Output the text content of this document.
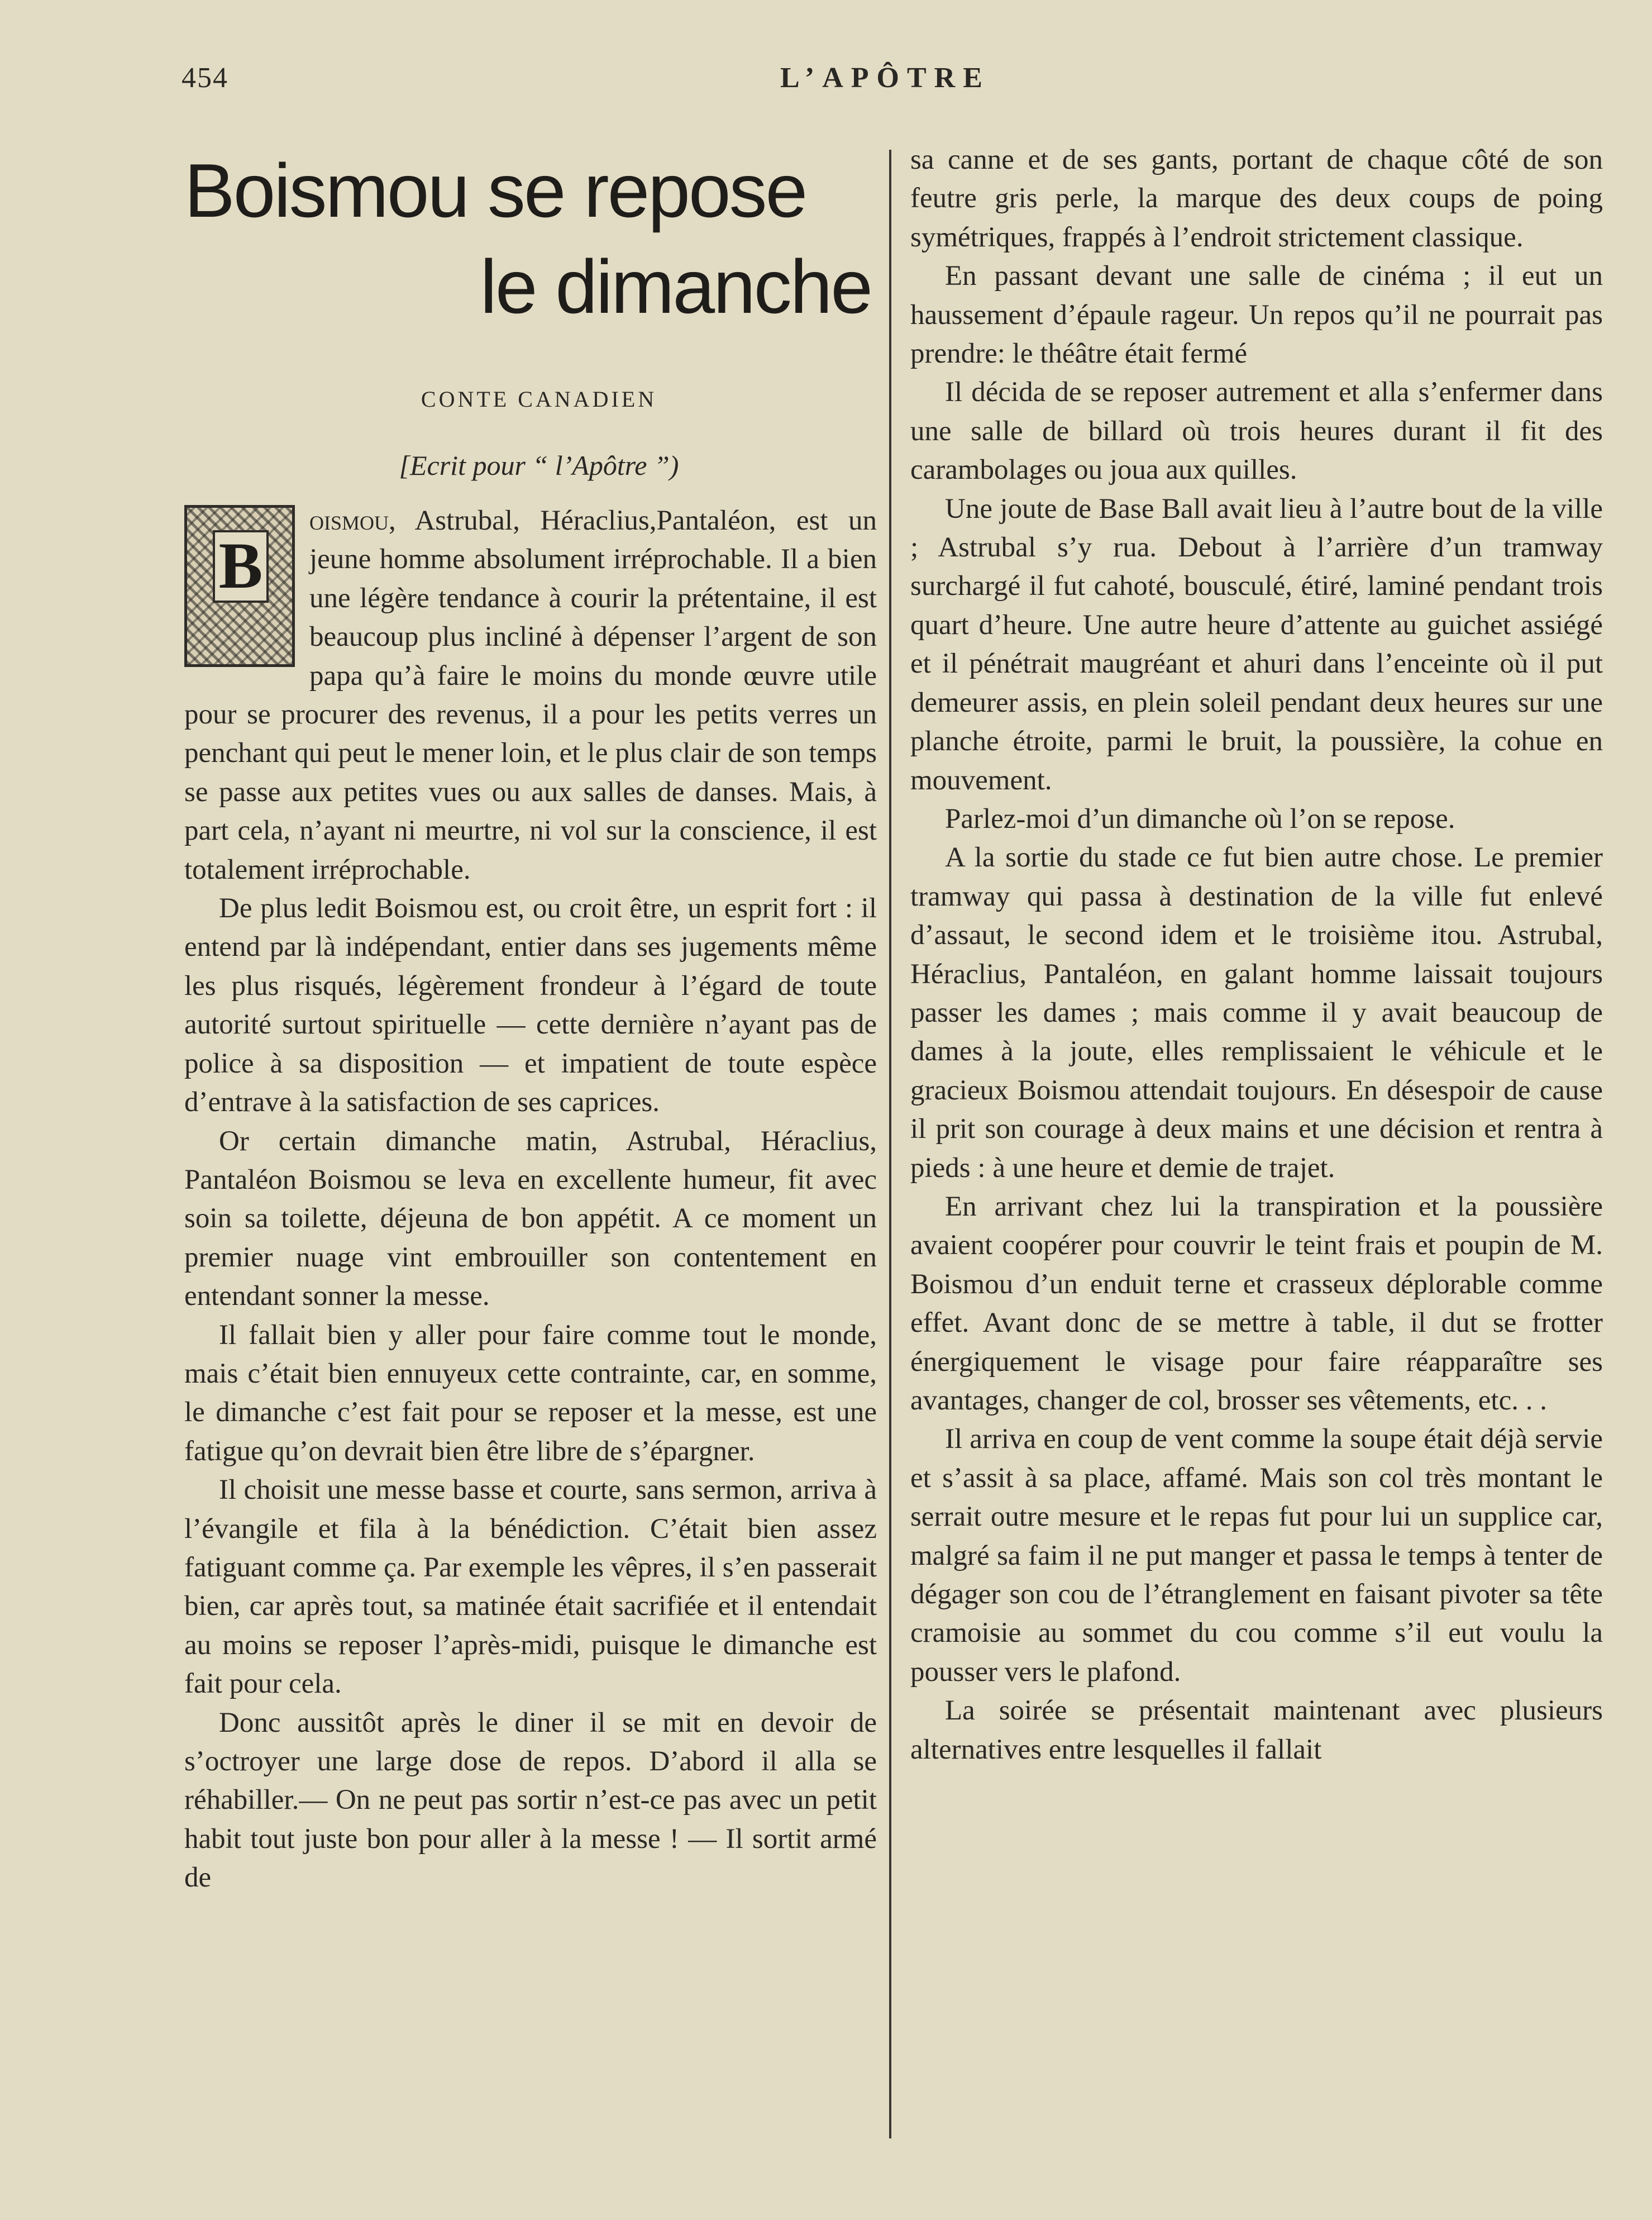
454	L’APÔTRE
Boismou se repose
le dimanche
CONTE CANADIEN
[Ecrit pour “ l’Apôtre ”)

B
oismou, Astrubal, Héraclius,Pantaléon, est un jeune homme absolument irréprochable. Il a bien une légère tendance à courir la prétentaine, il est beaucoup plus incliné à dépenser l’argent de son papa qu’à faire le moins du monde œuvre utile pour se procurer des revenus, il a pour les petits verres un penchant qui peut le mener loin, et le plus clair de son temps se passe aux petites vues ou aux salles de danses. Mais, à part cela, n’ayant ni meurtre, ni vol sur la conscience, il est totalement irréprochable.

De plus ledit Boismou est, ou croit être, un esprit fort : il entend par là indépendant, entier dans ses jugements même les plus risqués, légèrement frondeur à l’égard de toute autorité surtout spirituelle — cette dernière n’ayant pas de police à sa disposition — et impatient de toute espèce d’entrave à la satisfaction de ses caprices.

Or certain dimanche matin, Astrubal, Héraclius, Pantaléon Boismou se leva en excellente humeur, fit avec soin sa toilette, déjeuna de bon appétit. A ce moment un premier nuage vint embrouiller son contentement en entendant sonner la messe.

Il fallait bien y aller pour faire comme tout le monde, mais c’était bien ennuyeux cette contrainte, car, en somme, le dimanche c’est fait pour se reposer et la messe, est une fatigue qu’on devrait bien être libre de s’épargner.

Il choisit une messe basse et courte, sans sermon, arriva à l’évangile et fila à la bénédiction. C’était bien assez fatiguant comme ça. Par exemple les vêpres, il s’en passerait bien, car après tout, sa matinée était sacrifiée et il entendait au moins se reposer l’après-midi, puisque le dimanche est fait pour cela.

Donc aussitôt après le diner il se mit en devoir de s’octroyer une large dose de repos. D’abord il alla se réhabiller.— On ne peut pas sortir n’est-ce pas avec un petit habit tout juste bon pour aller à la messe ! — Il sortit armé de

sa canne et de ses gants, portant de chaque côté de son feutre gris perle, la marque des deux coups de poing symétriques, frappés à l’endroit strictement classique.

En passant devant une salle de cinéma ; il eut un haussement d’épaule rageur. Un repos qu’il ne pourrait pas prendre: le théâtre était fermé

Il décida de se reposer autrement et alla s’enfermer dans une salle de billard où trois heures durant il fit des carambolages ou joua aux quilles.

Une joute de Base Ball avait lieu à l’autre bout de la ville ; Astrubal s’y rua. Debout à l’arrière d’un tramway surchargé il fut cahoté, bousculé, étiré, laminé pendant trois quart d’heure. Une autre heure d’attente au guichet assiégé et il pénétrait maugréant et ahuri dans l’enceinte où il put demeurer assis, en plein soleil pendant deux heures sur une planche étroite, parmi le bruit, la poussière, la cohue en mouvement.

Parlez-moi d’un dimanche où l’on se repose.

A la sortie du stade ce fut bien autre chose. Le premier tramway qui passa à destination de la ville fut enlevé d’assaut, le second idem et le troisième itou. Astrubal, Héraclius, Pantaléon, en galant homme laissait toujours passer les dames ; mais comme il y avait beaucoup de dames à la joute, elles remplissaient le véhicule et le gracieux Boismou attendait toujours. En désespoir de cause il prit son courage à deux mains et une décision et rentra à pieds : à une heure et demie de trajet.

En arrivant chez lui la transpiration et la poussière avaient coopérer pour couvrir le teint frais et poupin de M. Boismou d’un enduit terne et crasseux déplorable comme effet. Avant donc de se mettre à table, il dut se frotter énergiquement le visage pour faire réapparaître ses avantages, changer de col, brosser ses vêtements, etc. . .

Il arriva en coup de vent comme la soupe était déjà servie et s’assit à sa place, affamé. Mais son col très montant le serrait outre mesure et le repas fut pour lui un supplice car, malgré sa faim il ne put manger et passa le temps à tenter de dégager son cou de l’étranglement en faisant pivoter sa tête cramoisie au sommet du cou comme s’il eut voulu la pousser vers le plafond.

La soirée se présentait maintenant avec plusieurs alternatives entre lesquelles il fallait
